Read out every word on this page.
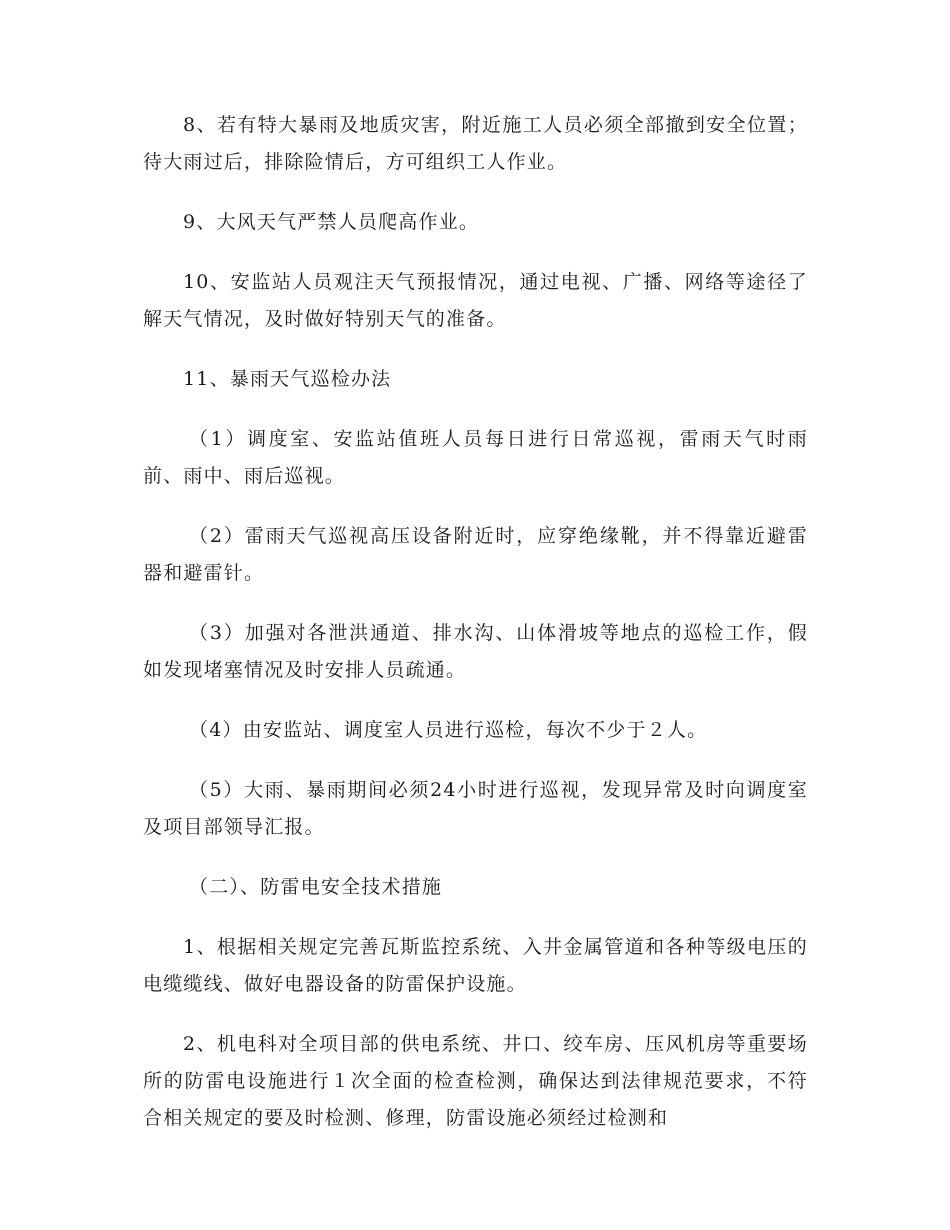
8、若有特大暴雨及地质灾害，附近施工人员必须全部撤到安全位置；待大雨过后，排除险情后，方可组织工人作业。

9、大风天气严禁人员爬高作业。

10、安监站人员观注天气预报情况，通过电视、广播、网络等途径了解天气情况，及时做好特别天气的准备。

11、暴雨天气巡检办法

（1）调度室、安监站值班人员每日进行日常巡视，雷雨天气时雨前、雨中、雨后巡视。

（2）雷雨天气巡视高压设备附近时，应穿绝缘靴，并不得靠近避雷器和避雷针。

（3）加强对各泄洪通道、排水沟、山体滑坡等地点的巡检工作，假如发现堵塞情况及时安排人员疏通。

（4）由安监站、调度室人员进行巡检，每次不少于２人。

（5）大雨、暴雨期间必须24小时进行巡视，发现异常及时向调度室及项目部领导汇报。

（二）、防雷电安全技术措施

1、根据相关规定完善瓦斯监控系统、入井金属管道和各种等级电压的电缆缆线、做好电器设备的防雷保护设施。

2、机电科对全项目部的供电系统、井口、绞车房、压风机房等重要场所的防雷电设施进行１次全面的检查检测，确保达到法律规范要求，不符合相关规定的要及时检测、修理，防雷设施必须经过检测和
